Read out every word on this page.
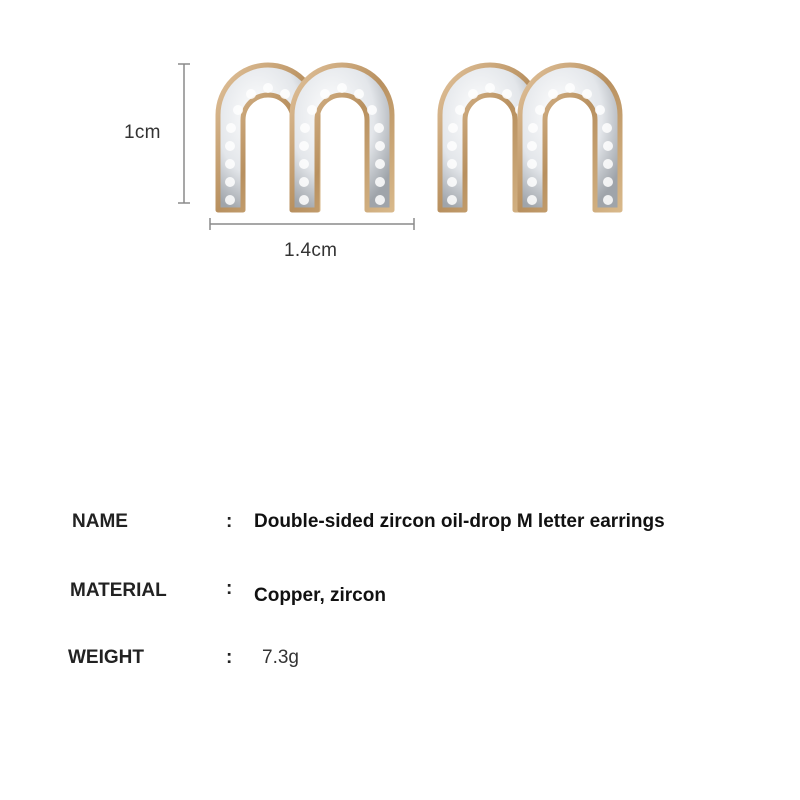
1cm
1.4cm
NAME	: Double-sided zircon oil-drop M letter earrings
MATERIAL	: Copper, zircon
WEIGHT	: 7.3g
